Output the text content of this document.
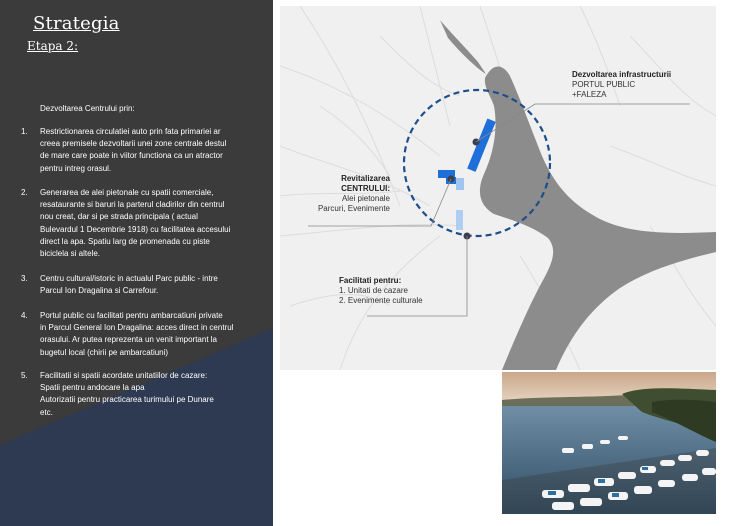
Strategia
Etapa 2:
Dezvoltarea Centrului prin:
1. Restrictionarea circulatiei auto prin fata primariei ar
creea premisele dezvoltarii unei zone centrale destul
de mare care poate in viitor functiona ca un atractor
pentru intreg orasul.
2. Generarea de alei pietonale cu spatii comerciale,
resataurante si baruri la parterul cladirilor din centrul
nou creat, dar si pe strada principala ( actual
Bulevardul 1 Decembrie 1918) cu facilitatea accesului
direct la apa. Spatiu larg de promenada cu piste
biciclela si altele.
3. Centru cultural/istoric in actualul Parc public - intre
Parcul Ion Dragalina si Carrefour.
4. Portul public cu facilitati pentru ambarcatiuni private
in Parcul General Ion Dragalina: acces direct in centrul
orasului. Ar putea reprezenta un venit important la
bugetul local (chirii pe ambarcatiuni)
5. Facilitatii si spatii acordate unitatiilor de cazare:
Spatii pentru andocare la apa
Autorizatii pentru practicarea turimului pe Dunare
etc.
Dezvoltarea infrastructurii
PORTUL PUBLIC
+FALEZA
Revitalizarea
CENTRULUI:
Alei pietonale
Parcuri, Evenimente
Facilitati pentru:
1. Unitati de cazare
2. Evenimente culturale
